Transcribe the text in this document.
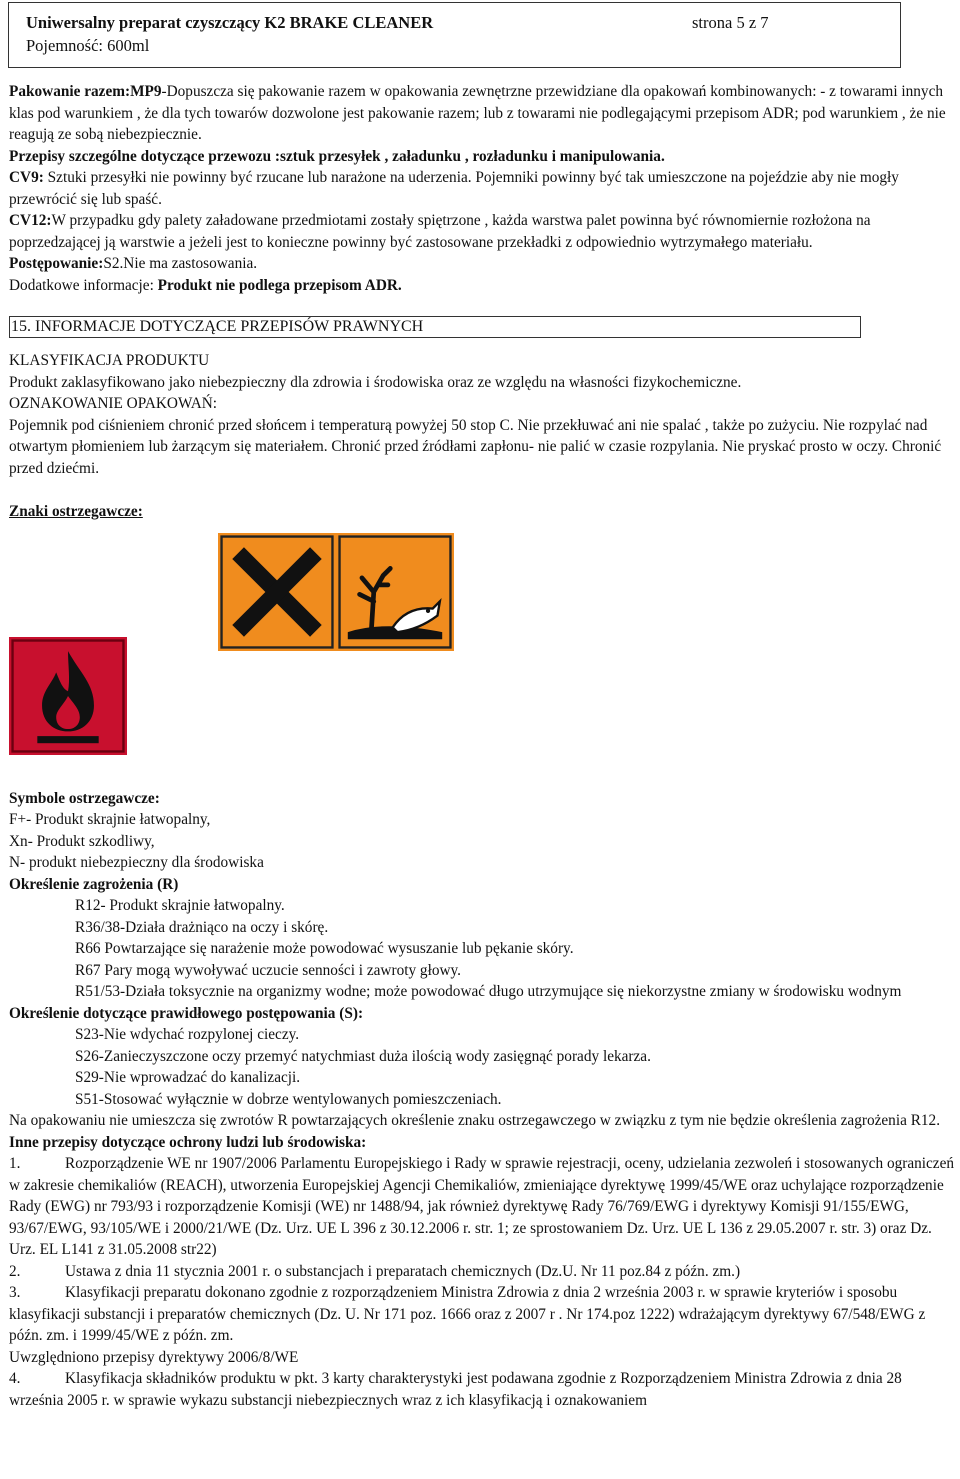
Uniwersalny preparat czyszczący K2 BRAKE CLEANER	strona 5 z 7
Pojemność: 600ml

Pakowanie razem:MP9-Dopuszcza się pakowanie razem w opakowania zewnętrzne przewidziane dla opakowań kombinowanych: - z towarami innych klas pod warunkiem , że dla tych towarów dozwolone jest pakowanie razem; lub z towarami nie podlegającymi przepisom ADR; pod warunkiem , że nie reagują ze sobą niebezpiecznie.

Przepisy szczególne dotyczące przewozu :sztuk przesyłek , załadunku , rozładunku i manipulowania.

CV9: Sztuki przesyłki nie powinny być rzucane lub narażone na uderzenia. Pojemniki powinny być tak umieszczone na pojeździe aby nie mogły przewrócić się lub spaść.

CV12:W przypadku gdy palety załadowane przedmiotami zostały spiętrzone , każda warstwa palet powinna być równomiernie rozłożona na poprzedzającej ją warstwie a jeżeli jest to konieczne powinny być zastosowane przekładki z odpowiednio wytrzymałego materiału.

Postępowanie:S2.Nie ma zastosowania.

Dodatkowe informacje: Produkt nie podlega przepisom ADR.

15. INFORMACJE DOTYCZĄCE PRZEPISÓW PRAWNYCH

KLASYFIKACJA PRODUKTU

Produkt zaklasyfikowano jako niebezpieczny dla zdrowia i środowiska oraz ze względu na własności fizykochemiczne.

OZNAKOWANIE OPAKOWAŃ:

Pojemnik pod ciśnieniem chronić przed słońcem i temperaturą powyżej 50 stop C. Nie przekłuwać ani nie spalać , także po zużyciu. Nie rozpylać nad otwartym płomieniem lub żarzącym się materiałem. Chronić przed źródłami zapłonu- nie palić w czasie rozpylania. Nie pryskać prosto w oczy. Chronić przed dziećmi.

Znaki ostrzegawcze:

Symbole ostrzegawcze:

F+- Produkt skrajnie łatwopalny,

Xn- Produkt szkodliwy,

N- produkt niebezpieczny dla środowiska

Określenie zagrożenia (R)

R12- Produkt skrajnie łatwopalny.

R36/38-Działa drażniąco na oczy i skórę.

R66 Powtarzające się narażenie może powodować wysuszanie lub pękanie skóry.

R67 Pary mogą wywoływać uczucie senności i zawroty głowy.

R51/53-Działa toksycznie na organizmy wodne; może powodować długo utrzymujące się niekorzystne zmiany w środowisku wodnym

Określenie dotyczące prawidłowego postępowania (S):

S23-Nie wdychać rozpylonej cieczy.

S26-Zanieczyszczone oczy przemyć natychmiast duża ilością wody zasięgnąć porady lekarza.

S29-Nie wprowadzać do kanalizacji.

S51-Stosować wyłącznie w dobrze wentylowanych pomieszczeniach.

Na opakowaniu nie umieszcza się zwrotów R powtarzających określenie znaku ostrzegawczego w związku z tym nie będzie określenia zagrożenia R12.

Inne przepisy dotyczące ochrony ludzi lub środowiska:

1.	Rozporządzenie WE nr 1907/2006 Parlamentu Europejskiego i Rady w sprawie rejestracji, oceny, udzielania zezwoleń i stosowanych ograniczeń w zakresie chemikaliów (REACH), utworzenia Europejskiej Agencji Chemikaliów, zmieniające dyrektywę 1999/45/WE oraz uchylające rozporządzenie Rady (EWG) nr 793/93 i rozporządzenie Komisji (WE) nr 1488/94, jak również dyrektywę Rady 76/769/EWG i dyrektywy Komisji 91/155/EWG, 93/67/EWG, 93/105/WE i 2000/21/WE (Dz. Urz. UE L 396 z 30.12.2006 r. str. 1; ze sprostowaniem Dz. Urz. UE L 136 z 29.05.2007 r. str. 3) oraz Dz. Urz. EL L141 z 31.05.2008 str22)

2.	Ustawa z dnia 11 stycznia 2001 r. o substancjach i preparatach chemicznych (Dz.U. Nr 11 poz.84 z późn. zm.)

3.	Klasyfikacji preparatu dokonano zgodnie z rozporządzeniem Ministra Zdrowia z dnia 2 września 2003 r. w sprawie kryteriów i sposobu klasyfikacji substancji i preparatów chemicznych (Dz. U. Nr 171 poz. 1666 oraz z 2007 r . Nr 174.poz 1222) wdrażającym dyrektywy 67/548/EWG z późn. zm. i 1999/45/WE z późn. zm.

Uwzględniono przepisy dyrektywy 2006/8/WE

4.	Klasyfikacja składników produktu w pkt. 3 karty charakterystyki jest podawana zgodnie z Rozporządzeniem Ministra Zdrowia z dnia 28 września 2005 r. w sprawie wykazu substancji niebezpiecznych wraz z ich klasyfikacją i oznakowaniem
